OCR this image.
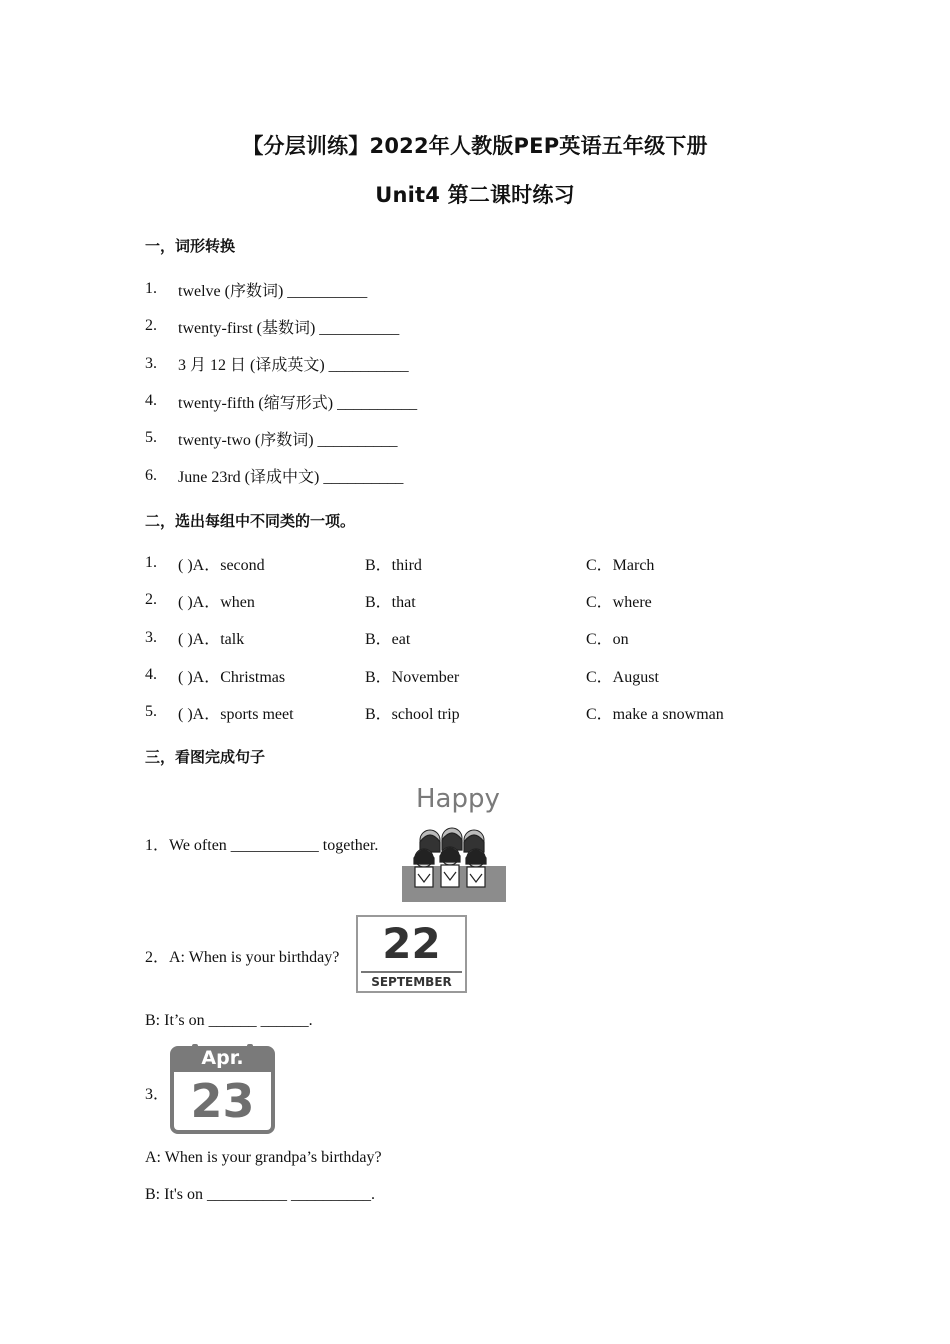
【分层训练】2022年人教版PEP英语五年级下册
Unit4 第二课时练习
一，词形转换
1. twelve (序数词) __________
2. twenty-first (基数词) __________
3. 3 月 12 日 (译成英文) __________
4. twenty-fifth (缩写形式) __________
5. twenty-two (序数词) __________
6. June 23rd (译成中文) __________
二，选出每组中不同类的一项。
1. ( )A．second	B．third	C．March
2. ( )A．when	B．that	C．where
3. ( )A．talk	B．eat	C．on
4. ( )A．Christmas	B．November	C．August
5. ( )A．sports meet	B．school trip	C．make a snowman
三，看图完成句子
1．We often ___________ together.
Happy
2．A: When is your birthday?	22
SEPTEMBER
B: It’s on ______ ______.
3．
Apr.
23
A: When is your grandpa’s birthday?
B: It's on __________ __________.
